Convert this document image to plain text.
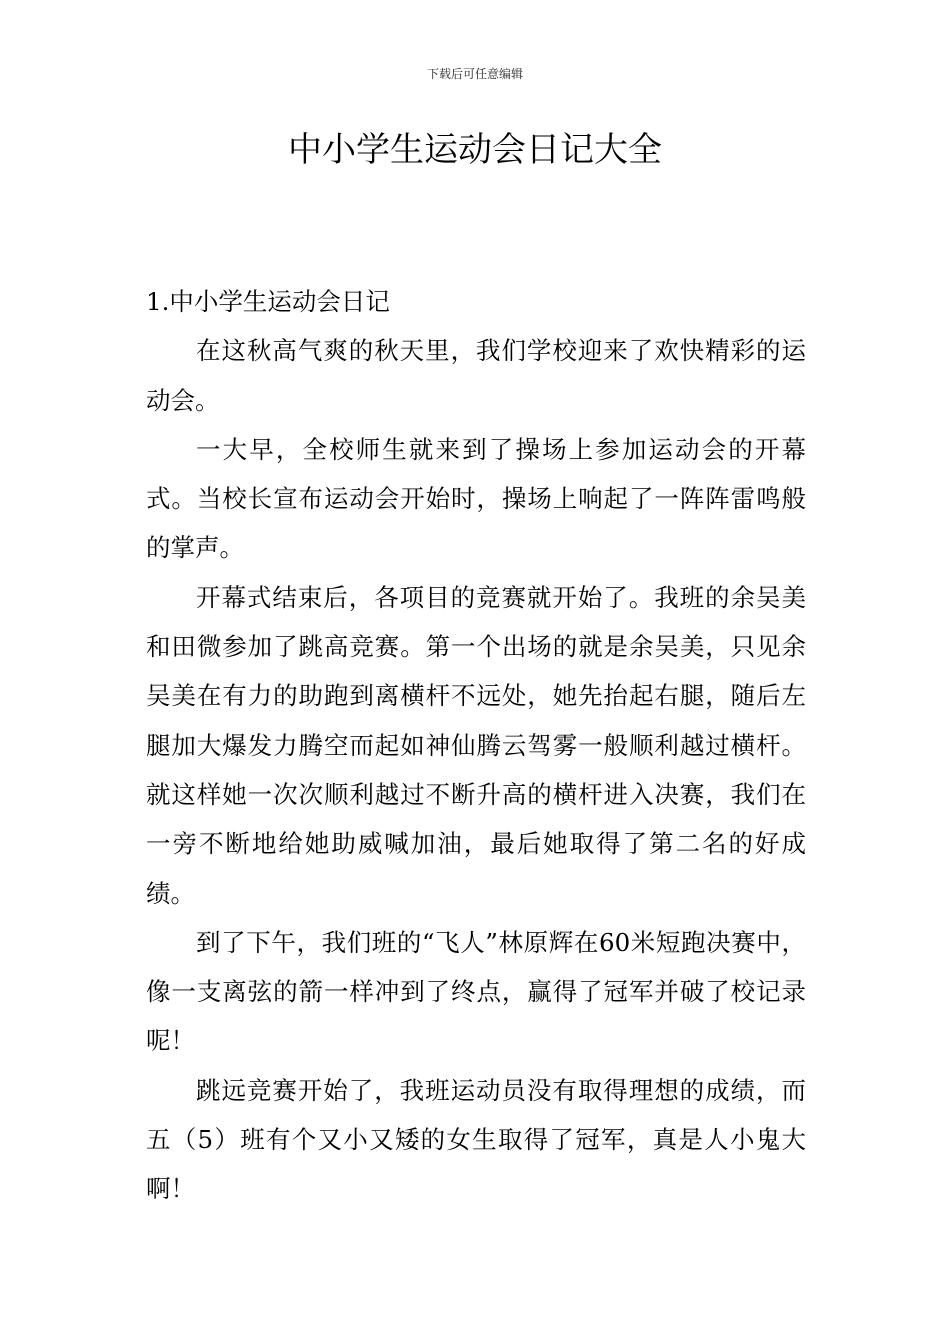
下载后可任意编辑
中小学生运动会日记大全
1.中小学生运动会日记

在这秋高气爽的秋天里，我们学校迎来了欢快精彩的运动会。

一大早，全校师生就来到了操场上参加运动会的开幕式。当校长宣布运动会开始时，操场上响起了一阵阵雷鸣般的掌声。

开幕式结束后，各项目的竞赛就开始了。我班的余吴美和田微参加了跳高竞赛。第一个出场的就是余吴美，只见余吴美在有力的助跑到离横杆不远处，她先抬起右腿，随后左腿加大爆发力腾空而起如神仙腾云驾雾一般顺利越过横杆。就这样她一次次顺利越过不断升高的横杆进入决赛，我们在一旁不断地给她助威喊加油，最后她取得了第二名的好成绩。

到了下午，我们班的“飞人”林原辉在60米短跑决赛中，像一支离弦的箭一样冲到了终点，赢得了冠军并破了校记录呢！

跳远竞赛开始了，我班运动员没有取得理想的成绩，而五（5）班有个又小又矮的女生取得了冠军，真是人小鬼大啊！
